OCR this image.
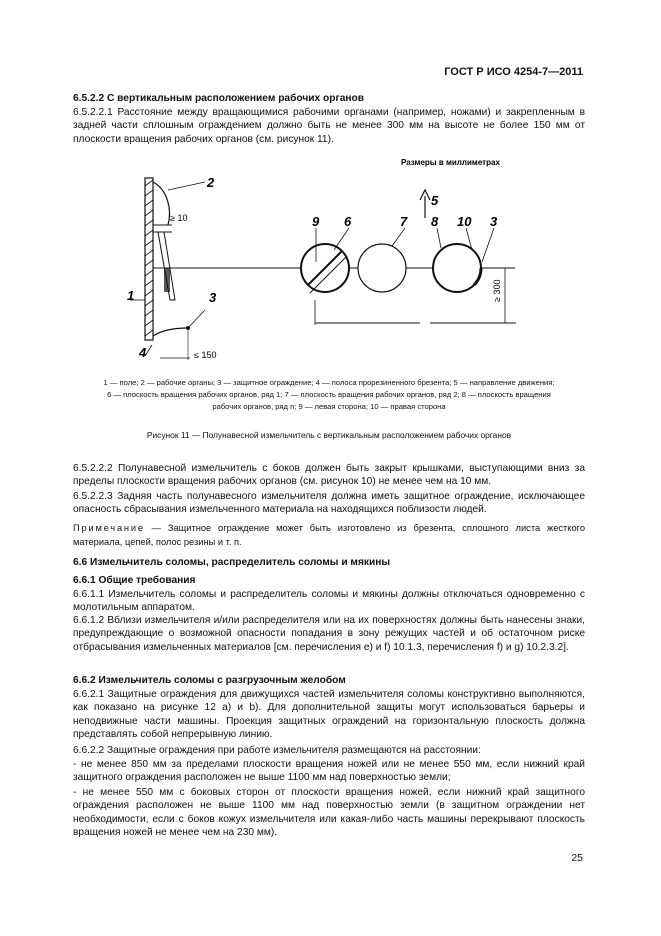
ГОСТ Р ИСО 4254-7—2011
6.5.2.2 С вертикальным расположением рабочих органов
6.5.2.2.1 Расстояние между вращающимися рабочими органами (например, ножами) и закрепленным в задней части сплошным ограждением должно быть не менее 300 мм на высоте не более 150 мм от плоскости вращения рабочих органов (см. рисунок 11).
Размеры в миллиметрах
5
1
2
3
4
≥ 10
≤ 150
9 6	7 8 10 3
≥ 300
1 — поле; 2 — рабочие органы; 3 — защитное ограждение; 4 — полоса прорезиненного брезента; 5 — направление движения;
6 — плоскость вращения рабочих органов, ряд 1; 7 — плоскость вращения рабочих органов, ряд 2; 8 — плоскость вращения
рабочих органов, ряд n; 9 — левая сторона; 10 — правая сторона
Рисунок 11 — Полунавесной измельчитель с вертикальным расположением рабочих органов
6.5.2.2.2 Полунавесной измельчитель с боков должен быть закрыт крышками, выступающими вниз за пределы плоскости вращения рабочих органов (см. рисунок 10) не менее чем на 10 мм.
6.5.2.2.3 Задняя часть полунавесного измельчителя должна иметь защитное ограждение, исключающее опасность сбрасывания измельченного материала на находящихся поблизости людей.
Примечание — Защитное ограждение может быть изготовлено из брезента, сплошного листа жесткого материала, цепей, полос резины и т. п.
6.6 Измельчитель соломы, распределитель соломы и мякины
6.6.1 Общие требования
6.6.1.1 Измельчитель соломы и распределитель соломы и мякины должны отключаться одновременно с молотильным аппаратом.
6.6.1.2 Вблизи измельчителя и/или распределителя или на их поверхностях должны быть нанесены знаки, предупреждающие о возможной опасности попадания в зону режущих частей и об остаточном риске отбрасывания измельченных материалов [см. перечисления е) и f) 10.1.3, перечисления f) и g) 10.2.3.2].
6.6.2 Измельчитель соломы с разгрузочным желобом
6.6.2.1 Защитные ограждения для движущихся частей измельчителя соломы конструктивно выполняются, как показано на рисунке 12 a) и b). Для дополнительной защиты могут использоваться барьеры и неподвижные части машины. Проекция защитных ограждений на горизонтальную плоскость должна представлять собой непрерывную линию.
6.6.2.2 Защитные ограждения при работе измельчителя размещаются на расстоянии:
- не менее 850 мм за пределами плоскости вращения ножей или не менее 550 мм, если нижний край защитного ограждения расположен не выше 1100 мм над поверхностью земли;
- не менее 550 мм с боковых сторон от плоскости вращения ножей, если нижний край защитного ограждения расположен не выше 1100 мм над поверхностью земли (в защитном ограждении нет необходимости, если с боков кожух измельчителя или какая-либо часть машины перекрывают плоскость вращения ножей не менее чем на 230 мм).
25
